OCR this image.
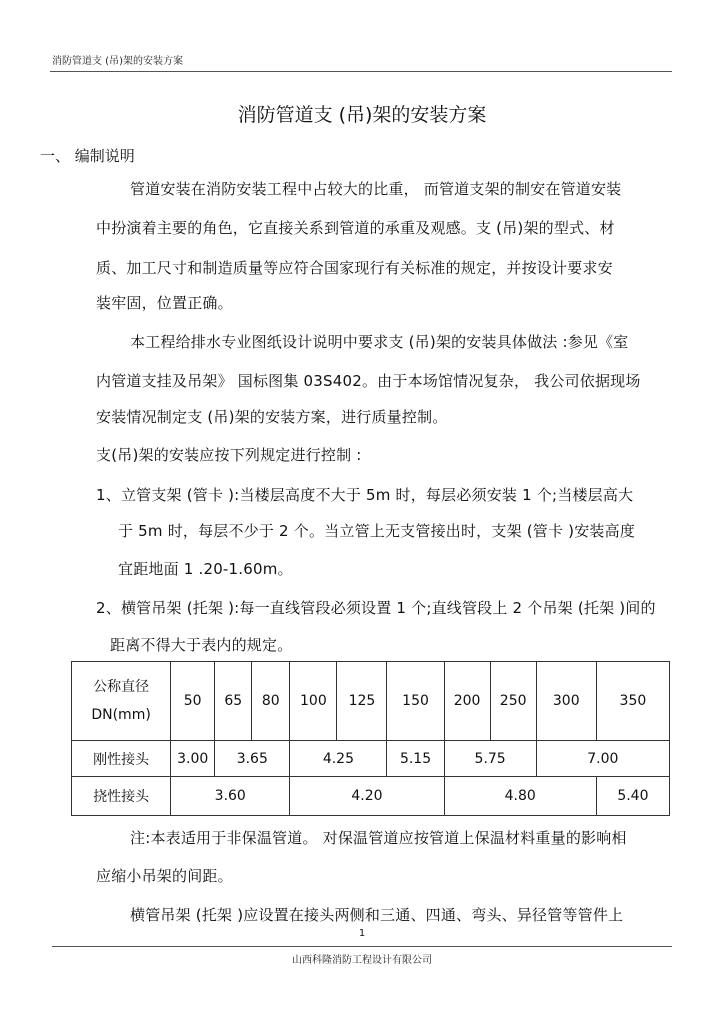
消防管道支 (吊)架的安装方案
消防管道支 (吊)架的安装方案
一、 编制说明
管道安装在消防安装工程中占较大的比重， 而管道支架的制安在管道安装
中扮演着主要的角色，它直接关系到管道的承重及观感。支 (吊)架的型式、材
质、加工尺寸和制造质量等应符合国家现行有关标准的规定，并按设计要求安
装牢固，位置正确。
本工程给排水专业图纸设计说明中要求支 (吊)架的安装具体做法 :参见《室
内管道支挂及吊架》 国标图集 03S402。由于本场馆情况复杂， 我公司依据现场
安装情况制定支 (吊)架的安装方案，进行质量控制。
支(吊)架的安装应按下列规定进行控制 :
1、立管支架 (管卡 ):当楼层高度不大于 5m 时，每层必须安装 1 个;当楼层高大
于 5m 时，每层不少于 2 个。当立管上无支管接出时，支架 (管卡 )安装高度
宜距地面 1 .20-1.60m。
2、横管吊架 (托架 ):每一直线管段必须设置 1 个;直线管段上 2 个吊架 (托架 )间的
距离不得大于表内的规定。
公称直径
DN(mm)	50	65	80	100	125	150	200	250	300	350
刚性接头	3.00	3.65		4.25		5.15	5.75		7.00	
挠性接头	3.60			4.20			4.80			5.40
注:本表适用于非保温管道。 对保温管道应按管道上保温材料重量的影响相
应缩小吊架的间距。
横管吊架 (托架 )应设置在接头两侧和三通、四通、弯头、异径管等管件上
1
山西科隆消防工程设计有限公司
